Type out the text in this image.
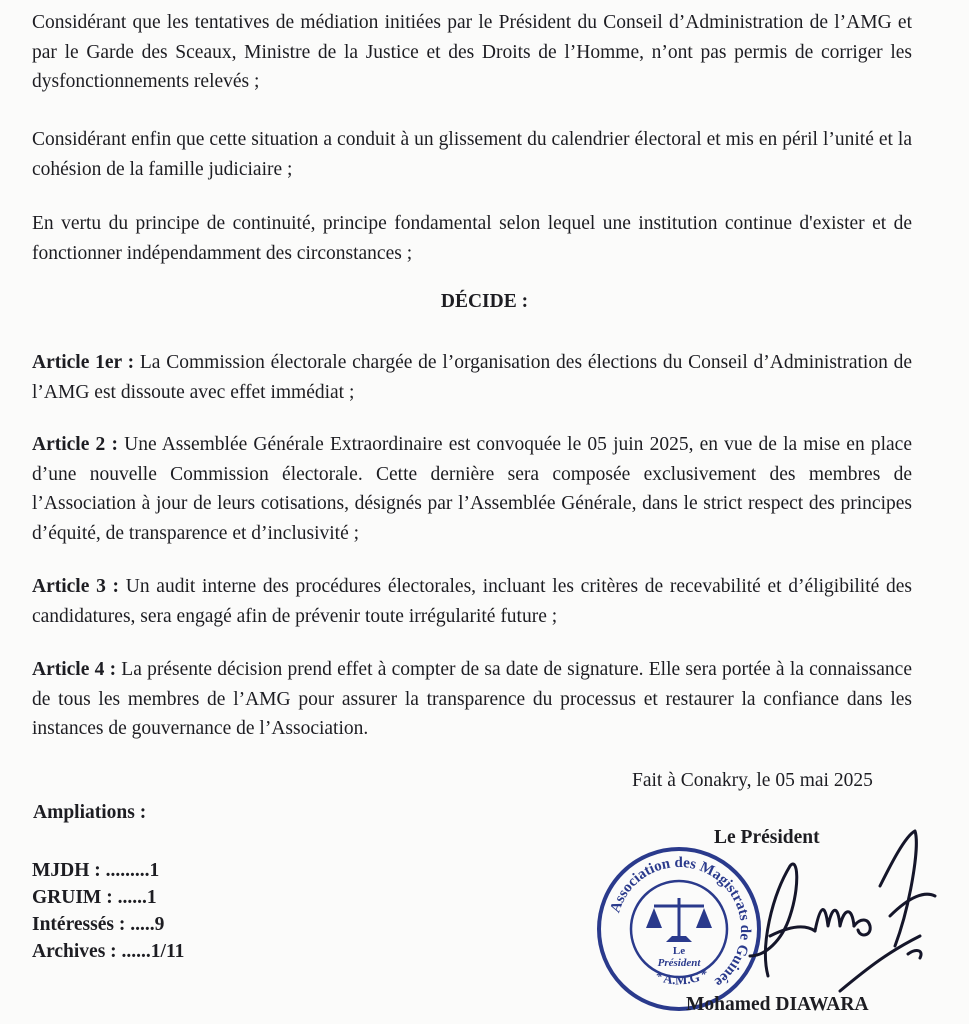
Considérant que les tentatives de médiation initiées par le Président du Conseil d’Administration de l’AMG et par le Garde des Sceaux, Ministre de la Justice et des Droits de l’Homme, n’ont pas permis de corriger les dysfonctionnements relevés ;
Considérant enfin que cette situation a conduit à un glissement du calendrier électoral et mis en péril l’unité et la cohésion de la famille judiciaire ;
En vertu du principe de continuité, principe fondamental selon lequel une institution continue d'exister et de fonctionner indépendamment des circonstances ;
DÉCIDE :
Article 1er : La Commission électorale chargée de l’organisation des élections du Conseil d’Administration de l’AMG est dissoute avec effet immédiat ;
Article 2 : Une Assemblée Générale Extraordinaire est convoquée le 05 juin 2025, en vue de la mise en place d’une nouvelle Commission électorale. Cette dernière sera composée exclusivement des membres de l’Association à jour de leurs cotisations, désignés par l’Assemblée Générale, dans le strict respect des principes d’équité, de transparence et d’inclusivité ;
Article 3 : Un audit interne des procédures électorales, incluant les critères de recevabilité et d’éligibilité des candidatures, sera engagé afin de prévenir toute irrégularité future ;
Article 4 : La présente décision prend effet à compter de sa date de signature. Elle sera portée à la connaissance de tous les membres de l’AMG pour assurer la transparence du processus et restaurer la confiance dans les instances de gouvernance de l’Association.
Fait à Conakry, le 05 mai 2025
Ampliations :
MJDH : .........1
GRUIM : ......1
Intéressés : .....9
Archives : ......1/11
Le Président
Association des Magistrats de Guinée
* A.M.G *
Le
Président
Mohamed DIAWARA
